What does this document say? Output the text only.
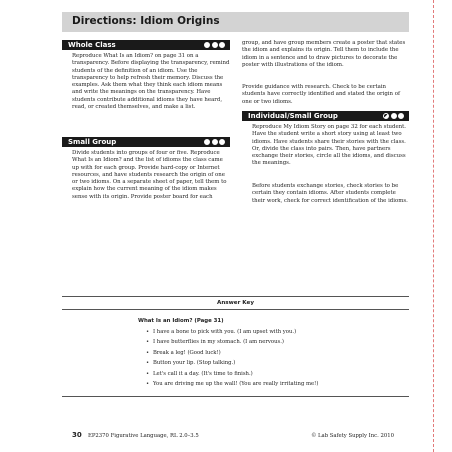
Directions: Idiom Origins
Whole Class

Reproduce What Is an Idiom? on page 31 on a transparency. Before displaying the transparency, remind students of the definition of an idiom. Use the transparency to help refresh their memory. Discuss the examples. Ask them what they think each idiom means and write the meanings on the transparency. Have students contribute additional idioms they have heard, read, or created themselves, and make a list.

Small Group

Divide students into groups of four or five. Reproduce What Is an Idiom? and the list of idioms the class came up with for each group. Provide hard-copy or Internet resources, and have students research the origin of one or two idioms. On a separate sheet of paper, tell them to explain how the current meaning of the idiom makes sense with its origin. Provide poster board for each

group, and have group members create a poster that states the idiom and explains its origin. Tell them to include the idiom in a sentence and to draw pictures to decorate the poster with illustrations of the idiom.

Provide guidance with research. Check to be certain students have correctly identified and stated the origin of one or two idioms.

Individual/Small Group

Reproduce My Idiom Story on page 32 for each student. Have the student write a short story using at least two idioms. Have students share their stories with the class. Or, divide the class into pairs. Then, have partners exchange their stories, circle all the idioms, and discuss the meanings.

Before students exchange stories, check stories to be certain they contain idioms. After students complete their work, check for correct identification of the idioms.

Answer Key
What Is an Idiom? (Page 31)
• I have a bone to pick with you. (I am upset with you.)
• I have butterflies in my stomach. (I am nervous.)
• Break a leg! (Good luck!)
• Button your lip. (Stop talking.)
• Let's call it a day. (It's time to finish.)
• You are driving me up the wall! (You are really irritating me!)
30 EP2370 Figurative Language, RL 2.0–3.5	© Lab Safety Supply Inc. 2010
